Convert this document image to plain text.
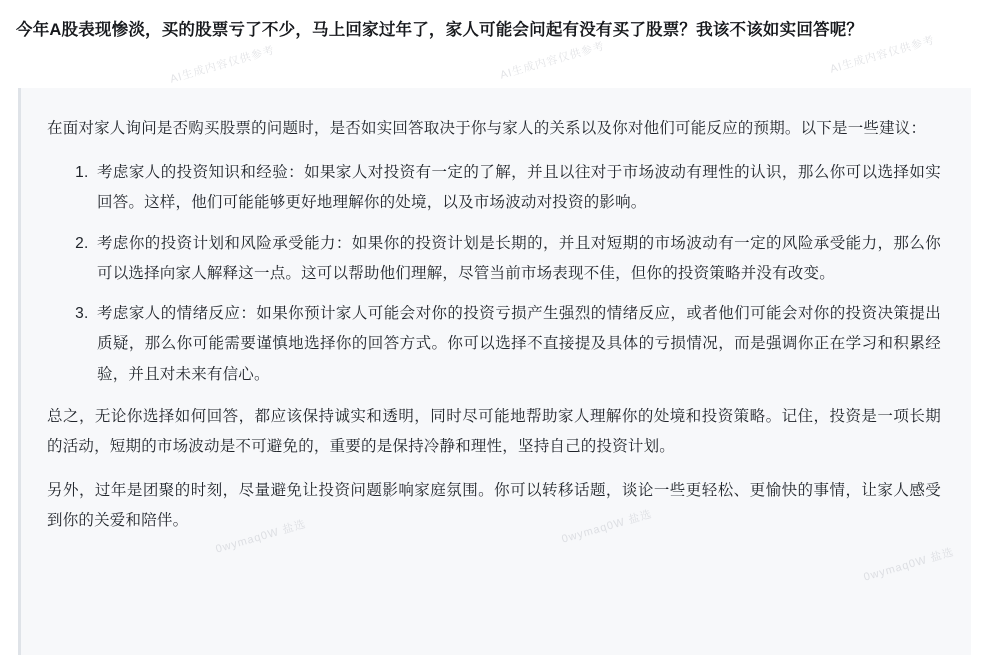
今年A股表现惨淡，买的股票亏了不少，马上回家过年了，家人可能会问起有没有买了股票？我该不该如实回答呢？

在面对家人询问是否购买股票的问题时，是否如实回答取决于你与家人的关系以及你对他们可能反应的预期。以下是一些建议：

1. 考虑家人的投资知识和经验：如果家人对投资有一定的了解，并且以往对于市场波动有理性的认识，那么你可以选择如实回答。这样，他们可能能够更好地理解你的处境，以及市场波动对投资的影响。
2. 考虑你的投资计划和风险承受能力：如果你的投资计划是长期的，并且对短期的市场波动有一定的风险承受能力，那么你可以选择向家人解释这一点。这可以帮助他们理解，尽管当前市场表现不佳，但你的投资策略并没有改变。
3. 考虑家人的情绪反应：如果你预计家人可能会对你的投资亏损产生强烈的情绪反应，或者他们可能会对你的投资决策提出质疑，那么你可能需要谨慎地选择你的回答方式。你可以选择不直接提及具体的亏损情况，而是强调你正在学习和积累经验，并且对未来有信心。

总之，无论你选择如何回答，都应该保持诚实和透明，同时尽可能地帮助家人理解你的处境和投资策略。记住，投资是一项长期的活动，短期的市场波动是不可避免的，重要的是保持冷静和理性，坚持自己的投资计划。

另外，过年是团聚的时刻，尽量避免让投资问题影响家庭氛围。你可以转移话题，谈论一些更轻松、更愉快的事情，让家人感受到你的关爱和陪伴。

AI生成内容仅供参考	AI生成内容仅供参考	AI生成内容仅供参考
0wymaq0W 盐选	0wymaq0W 盐选
0wymaq0W 盐选
